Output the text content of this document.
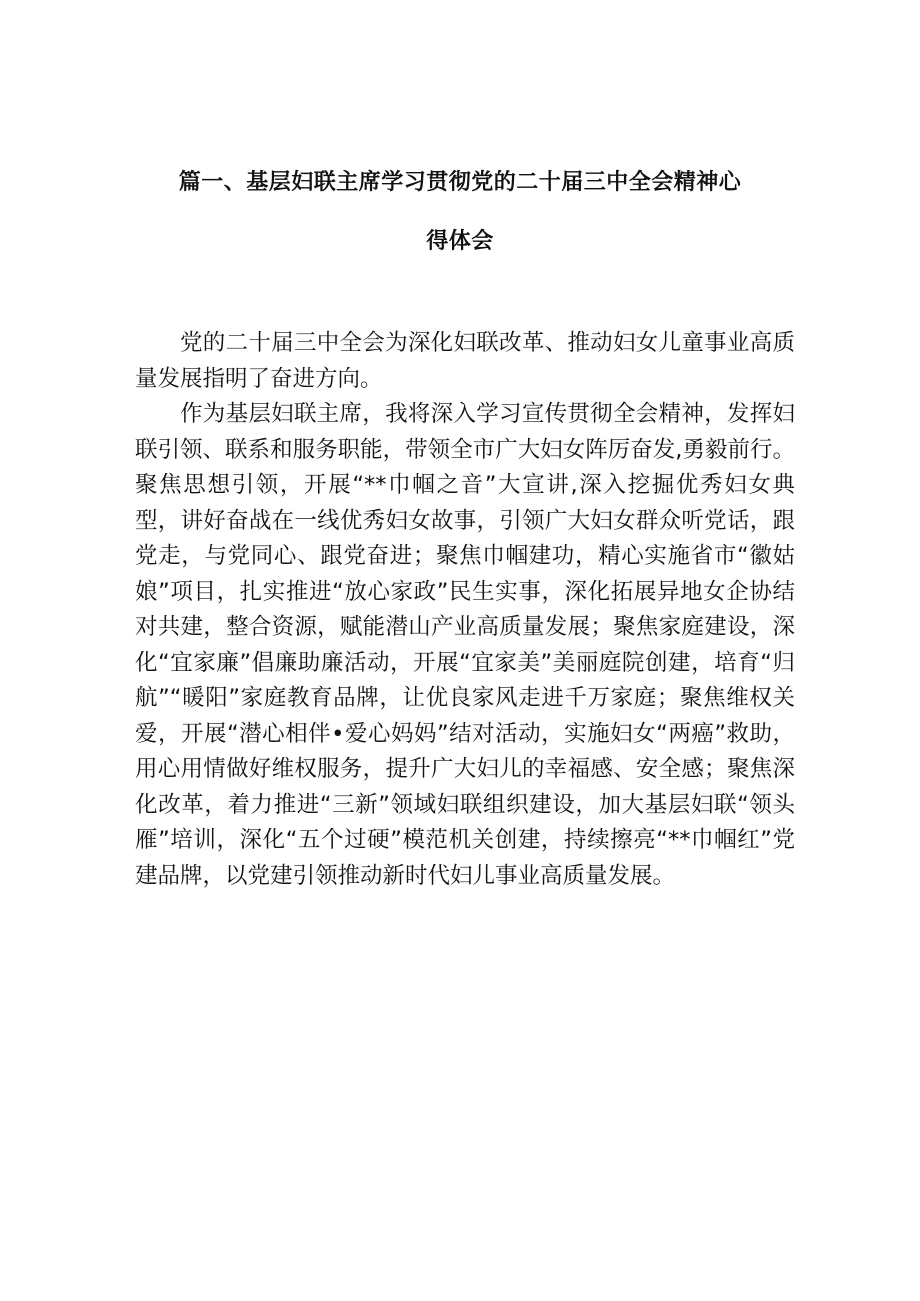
篇一、基层妇联主席学习贯彻党的二十届三中全会精神心
得体会

党的二十届三中全会为深化妇联改革、推动妇女儿童事业高质量发展指明了奋进方向。

作为基层妇联主席，我将深入学习宣传贯彻全会精神，发挥妇联引领、联系和服务职能，带领全市广大妇女阵厉奋发,勇毅前行。聚焦思想引领，开展“**巾帼之音”大宣讲,深入挖掘优秀妇女典型，讲好奋战在一线优秀妇女故事，引领广大妇女群众听党话，跟党走，与党同心、跟党奋进；聚焦巾帼建功，精心实施省市“徽姑娘”项目，扎实推进“放心家政”民生实事，深化拓展异地女企协结对共建，整合资源，赋能潜山产业高质量发展；聚焦家庭建设，深化“宜家廉”倡廉助廉活动，开展“宜家美”美丽庭院创建，培育“归航”“暖阳”家庭教育品牌，让优良家风走进千万家庭；聚焦维权关爱，开展“潜心相伴•爱心妈妈”结对活动，实施妇女“两癌”救助，用心用情做好维权服务，提升广大妇儿的幸福感、安全感；聚焦深化改革，着力推进“三新”领域妇联组织建设，加大基层妇联“领头雁”培训，深化“五个过硬”模范机关创建，持续擦亮“**巾帼红”党建品牌，以党建引领推动新时代妇儿事业高质量发展。
